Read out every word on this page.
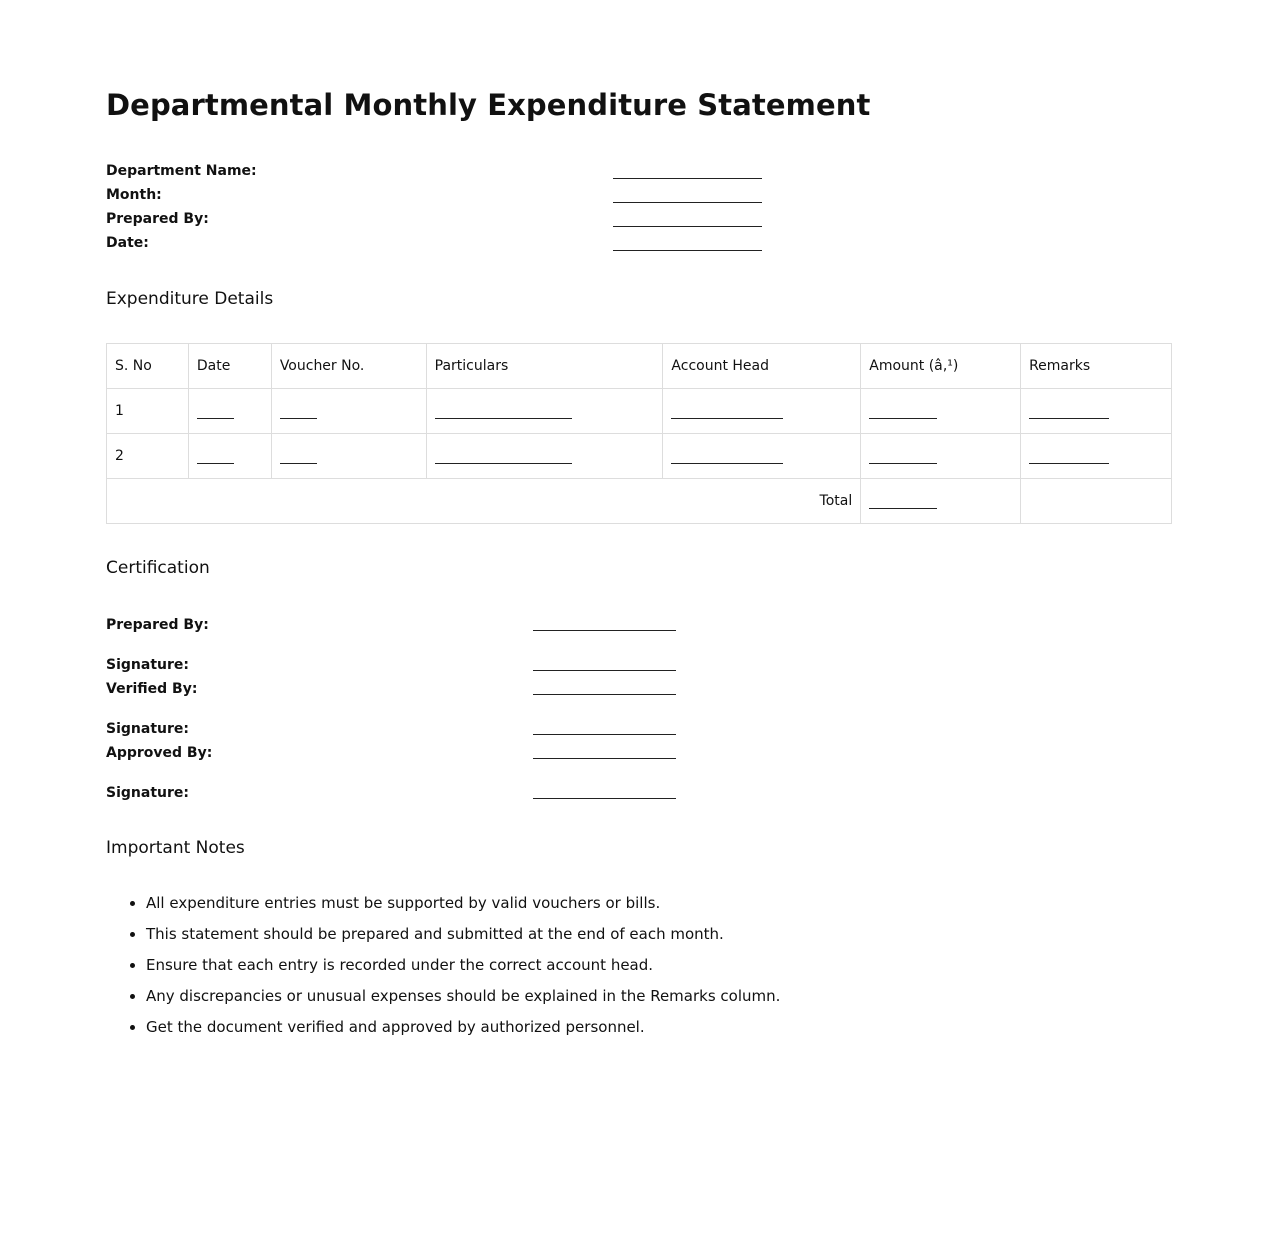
Departmental Monthly Expenditure Statement
Department Name:
Month:
Prepared By:
Date:
Expenditure Details
S. No	Date	Voucher No.	Particulars	Account Head	Amount (â‚¹)	Remarks
1						
2						
Total						
Certification
Prepared By:
Signature:
Verified By:
Signature:
Approved By:
Signature:
Important Notes
• All expenditure entries must be supported by valid vouchers or bills.
• This statement should be prepared and submitted at the end of each month.
• Ensure that each entry is recorded under the correct account head.
• Any discrepancies or unusual expenses should be explained in the Remarks column.
• Get the document verified and approved by authorized personnel.
